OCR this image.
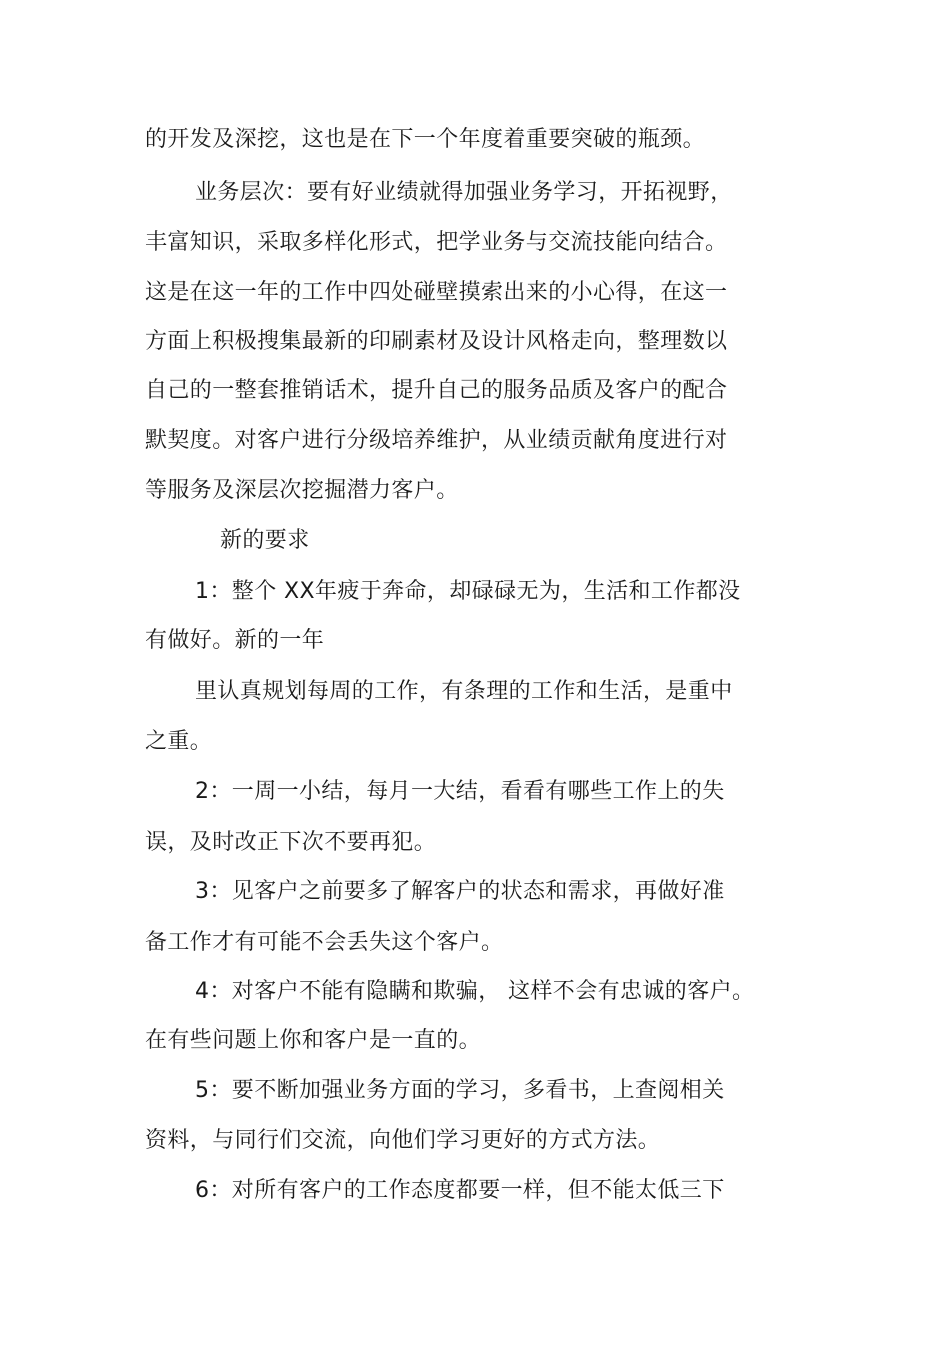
的开发及深挖，这也是在下一个年度着重要突破的瓶颈。
业务层次：要有好业绩就得加强业务学习，开拓视野，
丰富知识，采取多样化形式，把学业务与交流技能向结合。
这是在这一年的工作中四处碰壁摸索出来的小心得，在这一
方面上积极搜集最新的印刷素材及设计风格走向，整理数以
自己的一整套推销话术，提升自己的服务品质及客户的配合
默契度。对客户进行分级培养维护，从业绩贡献角度进行对
等服务及深层次挖掘潜力客户。
新的要求
1：整个 XX年疲于奔命，却碌碌无为，生活和工作都没
有做好。新的一年
里认真规划每周的工作，有条理的工作和生活，是重中
之重。
2：一周一小结，每月一大结，看看有哪些工作上的失
误，及时改正下次不要再犯。
3：见客户之前要多了解客户的状态和需求，再做好准
备工作才有可能不会丢失这个客户。
4：对客户不能有隐瞒和欺骗， 这样不会有忠诚的客户。
在有些问题上你和客户是一直的。
5：要不断加强业务方面的学习，多看书，上查阅相关
资料，与同行们交流，向他们学习更好的方式方法。
6：对所有客户的工作态度都要一样，但不能太低三下
